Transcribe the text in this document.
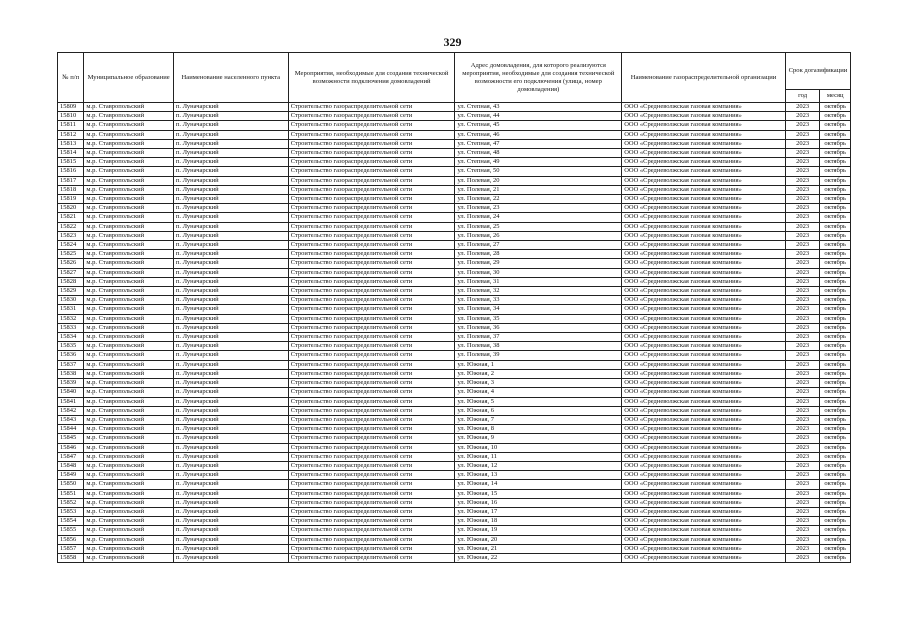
329
№ п/п	Муниципальное образование	Наименование населенного пункта	Мероприятия, необходимые для создания технической возможности подключения домовладений	Адрес домовладения, для которого реализуются мероприятия, необходимые для создания технической возможности его подключения (улица, номер домовладения)	Наименование газораспределительной организации	Срок догазификации	
						год	месяц
15809	м.р. Ставропольский	п. Луначарский	Строительство газораспределительной сети	ул. Степная, 43	ООО «Средневолжская газовая компания»	2023	октябрь
15810	м.р. Ставропольский	п. Луначарский	Строительство газораспределительной сети	ул. Степная, 44	ООО «Средневолжская газовая компания»	2023	октябрь
15811	м.р. Ставропольский	п. Луначарский	Строительство газораспределительной сети	ул. Степная, 45	ООО «Средневолжская газовая компания»	2023	октябрь
15812	м.р. Ставропольский	п. Луначарский	Строительство газораспределительной сети	ул. Степная, 46	ООО «Средневолжская газовая компания»	2023	октябрь
15813	м.р. Ставропольский	п. Луначарский	Строительство газораспределительной сети	ул. Степная, 47	ООО «Средневолжская газовая компания»	2023	октябрь
15814	м.р. Ставропольский	п. Луначарский	Строительство газораспределительной сети	ул. Степная, 48	ООО «Средневолжская газовая компания»	2023	октябрь
15815	м.р. Ставропольский	п. Луначарский	Строительство газораспределительной сети	ул. Степная, 49	ООО «Средневолжская газовая компания»	2023	октябрь
15816	м.р. Ставропольский	п. Луначарский	Строительство газораспределительной сети	ул. Степная, 50	ООО «Средневолжская газовая компания»	2023	октябрь
15817	м.р. Ставропольский	п. Луначарский	Строительство газораспределительной сети	ул. Полевая, 20	ООО «Средневолжская газовая компания»	2023	октябрь
15818	м.р. Ставропольский	п. Луначарский	Строительство газораспределительной сети	ул. Полевая, 21	ООО «Средневолжская газовая компания»	2023	октябрь
15819	м.р. Ставропольский	п. Луначарский	Строительство газораспределительной сети	ул. Полевая, 22	ООО «Средневолжская газовая компания»	2023	октябрь
15820	м.р. Ставропольский	п. Луначарский	Строительство газораспределительной сети	ул. Полевая, 23	ООО «Средневолжская газовая компания»	2023	октябрь
15821	м.р. Ставропольский	п. Луначарский	Строительство газораспределительной сети	ул. Полевая, 24	ООО «Средневолжская газовая компания»	2023	октябрь
15822	м.р. Ставропольский	п. Луначарский	Строительство газораспределительной сети	ул. Полевая, 25	ООО «Средневолжская газовая компания»	2023	октябрь
15823	м.р. Ставропольский	п. Луначарский	Строительство газораспределительной сети	ул. Полевая, 26	ООО «Средневолжская газовая компания»	2023	октябрь
15824	м.р. Ставропольский	п. Луначарский	Строительство газораспределительной сети	ул. Полевая, 27	ООО «Средневолжская газовая компания»	2023	октябрь
15825	м.р. Ставропольский	п. Луначарский	Строительство газораспределительной сети	ул. Полевая, 28	ООО «Средневолжская газовая компания»	2023	октябрь
15826	м.р. Ставропольский	п. Луначарский	Строительство газораспределительной сети	ул. Полевая, 29	ООО «Средневолжская газовая компания»	2023	октябрь
15827	м.р. Ставропольский	п. Луначарский	Строительство газораспределительной сети	ул. Полевая, 30	ООО «Средневолжская газовая компания»	2023	октябрь
15828	м.р. Ставропольский	п. Луначарский	Строительство газораспределительной сети	ул. Полевая, 31	ООО «Средневолжская газовая компания»	2023	октябрь
15829	м.р. Ставропольский	п. Луначарский	Строительство газораспределительной сети	ул. Полевая, 32	ООО «Средневолжская газовая компания»	2023	октябрь
15830	м.р. Ставропольский	п. Луначарский	Строительство газораспределительной сети	ул. Полевая, 33	ООО «Средневолжская газовая компания»	2023	октябрь
15831	м.р. Ставропольский	п. Луначарский	Строительство газораспределительной сети	ул. Полевая, 34	ООО «Средневолжская газовая компания»	2023	октябрь
15832	м.р. Ставропольский	п. Луначарский	Строительство газораспределительной сети	ул. Полевая, 35	ООО «Средневолжская газовая компания»	2023	октябрь
15833	м.р. Ставропольский	п. Луначарский	Строительство газораспределительной сети	ул. Полевая, 36	ООО «Средневолжская газовая компания»	2023	октябрь
15834	м.р. Ставропольский	п. Луначарский	Строительство газораспределительной сети	ул. Полевая, 37	ООО «Средневолжская газовая компания»	2023	октябрь
15835	м.р. Ставропольский	п. Луначарский	Строительство газораспределительной сети	ул. Полевая, 38	ООО «Средневолжская газовая компания»	2023	октябрь
15836	м.р. Ставропольский	п. Луначарский	Строительство газораспределительной сети	ул. Полевая, 39	ООО «Средневолжская газовая компания»	2023	октябрь
15837	м.р. Ставропольский	п. Луначарский	Строительство газораспределительной сети	ул. Южная, 1	ООО «Средневолжская газовая компания»	2023	октябрь
15838	м.р. Ставропольский	п. Луначарский	Строительство газораспределительной сети	ул. Южная, 2	ООО «Средневолжская газовая компания»	2023	октябрь
15839	м.р. Ставропольский	п. Луначарский	Строительство газораспределительной сети	ул. Южная, 3	ООО «Средневолжская газовая компания»	2023	октябрь
15840	м.р. Ставропольский	п. Луначарский	Строительство газораспределительной сети	ул. Южная, 4	ООО «Средневолжская газовая компания»	2023	октябрь
15841	м.р. Ставропольский	п. Луначарский	Строительство газораспределительной сети	ул. Южная, 5	ООО «Средневолжская газовая компания»	2023	октябрь
15842	м.р. Ставропольский	п. Луначарский	Строительство газораспределительной сети	ул. Южная, 6	ООО «Средневолжская газовая компания»	2023	октябрь
15843	м.р. Ставропольский	п. Луначарский	Строительство газораспределительной сети	ул. Южная, 7	ООО «Средневолжская газовая компания»	2023	октябрь
15844	м.р. Ставропольский	п. Луначарский	Строительство газораспределительной сети	ул. Южная, 8	ООО «Средневолжская газовая компания»	2023	октябрь
15845	м.р. Ставропольский	п. Луначарский	Строительство газораспределительной сети	ул. Южная, 9	ООО «Средневолжская газовая компания»	2023	октябрь
15846	м.р. Ставропольский	п. Луначарский	Строительство газораспределительной сети	ул. Южная, 10	ООО «Средневолжская газовая компания»	2023	октябрь
15847	м.р. Ставропольский	п. Луначарский	Строительство газораспределительной сети	ул. Южная, 11	ООО «Средневолжская газовая компания»	2023	октябрь
15848	м.р. Ставропольский	п. Луначарский	Строительство газораспределительной сети	ул. Южная, 12	ООО «Средневолжская газовая компания»	2023	октябрь
15849	м.р. Ставропольский	п. Луначарский	Строительство газораспределительной сети	ул. Южная, 13	ООО «Средневолжская газовая компания»	2023	октябрь
15850	м.р. Ставропольский	п. Луначарский	Строительство газораспределительной сети	ул. Южная, 14	ООО «Средневолжская газовая компания»	2023	октябрь
15851	м.р. Ставропольский	п. Луначарский	Строительство газораспределительной сети	ул. Южная, 15	ООО «Средневолжская газовая компания»	2023	октябрь
15852	м.р. Ставропольский	п. Луначарский	Строительство газораспределительной сети	ул. Южная, 16	ООО «Средневолжская газовая компания»	2023	октябрь
15853	м.р. Ставропольский	п. Луначарский	Строительство газораспределительной сети	ул. Южная, 17	ООО «Средневолжская газовая компания»	2023	октябрь
15854	м.р. Ставропольский	п. Луначарский	Строительство газораспределительной сети	ул. Южная, 18	ООО «Средневолжская газовая компания»	2023	октябрь
15855	м.р. Ставропольский	п. Луначарский	Строительство газораспределительной сети	ул. Южная, 19	ООО «Средневолжская газовая компания»	2023	октябрь
15856	м.р. Ставропольский	п. Луначарский	Строительство газораспределительной сети	ул. Южная, 20	ООО «Средневолжская газовая компания»	2023	октябрь
15857	м.р. Ставропольский	п. Луначарский	Строительство газораспределительной сети	ул. Южная, 21	ООО «Средневолжская газовая компания»	2023	октябрь
15858	м.р. Ставропольский	п. Луначарский	Строительство газораспределительной сети	ул. Южная, 22	ООО «Средневолжская газовая компания»	2023	октябрь
